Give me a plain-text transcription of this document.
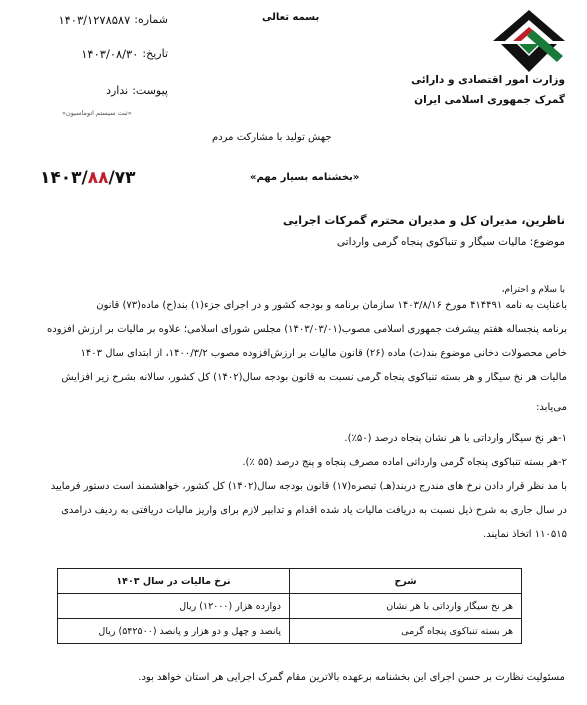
وزارت امور اقتصادی و دارائی
گمرک جمهوری اسلامی ایران
بسمه تعالی
شماره:
۱۴۰۳/۱۲۷۸۵۸۷
تاریخ:
۱۴۰۳/۰۸/۳۰
پیوست:
ندارد
«ثبت سیستم اتوماسیون»
جهش تولید با مشارکت مردم
«بخشنامه بسیار مهم»
۱۴۰۳/۸۸/۷۳
ناظرین، مدیران کل و مدیران محترم گمرکات اجرایی
موضوع: مالیات سیگار و تنباکوی پنجاه گرمی وارداتی
با سلام و احترام،
باعنایت به نامه ۴۱۴۴۹۱ مورخ ۱۴۰۳/۸/۱۶ سازمان برنامه و بودجه کشور و در اجرای جزء(۱) بند(ح) ماده(۷۳) قانون
برنامه پنجساله هفتم پیشرفت جمهوری اسلامی مصوب(۱۴۰۳/۰۳/۰۱) مجلس شورای اسلامی؛ علاوه بر مالیات بر ارزش افزوده
خاص محصولات دخانی موضوع بند(ث) ماده (۲۶) قانون مالیات بر ارزش‌افزوده مصوب ۱۴۰۰/۳/۲، از ابتدای سال ۱۴۰۳
مالیات هر نخ سیگار و هر بسته تنباکوی پنجاه گرمی نسبت به قانون بودجه سال(۱۴۰۲) کل کشور، سالانه بشرح زیر افزایش
می‌یابد:
۱-هر نخ سیگار وارداتی با هر نشان پنجاه درصد (۵۰٪).
۲-هر بسته تنباکوی پنجاه گرمی وارداتی آماده مصرف پنجاه و پنج درصد (۵۵ ٪).
با مد نظر قرار دادن نرخ های مندرج دربند(هـ) تبصره(۱۷) قانون بودجه سال(۱۴۰۲) کل کشور، خواهشمند است دستور فرمایید
در سال جاری به شرح ذیل نسبت به دریافت مالیات یاد شده اقدام و تدابیر لازم برای واریز مالیات دریافتی به ردیف درآمدی
۱۱۰۵۱۵ اتخاذ نمایند.
شرح	نرخ مالیات در سال ۱۴۰۳
هر نخ سیگار وارداتی با هر نشان	دوازده هزار (۱۲۰۰۰) ریال
هر بسته تنباکوی پنجاه گرمی	پانصد و چهل و دو هزار و پانصد (۵۴۲۵۰۰) ریال
مسئولیت نظارت بر حسن اجرای این بخشنامه برعهده بالاترین مقام گمرک اجرایی هر استان خواهد بود.
